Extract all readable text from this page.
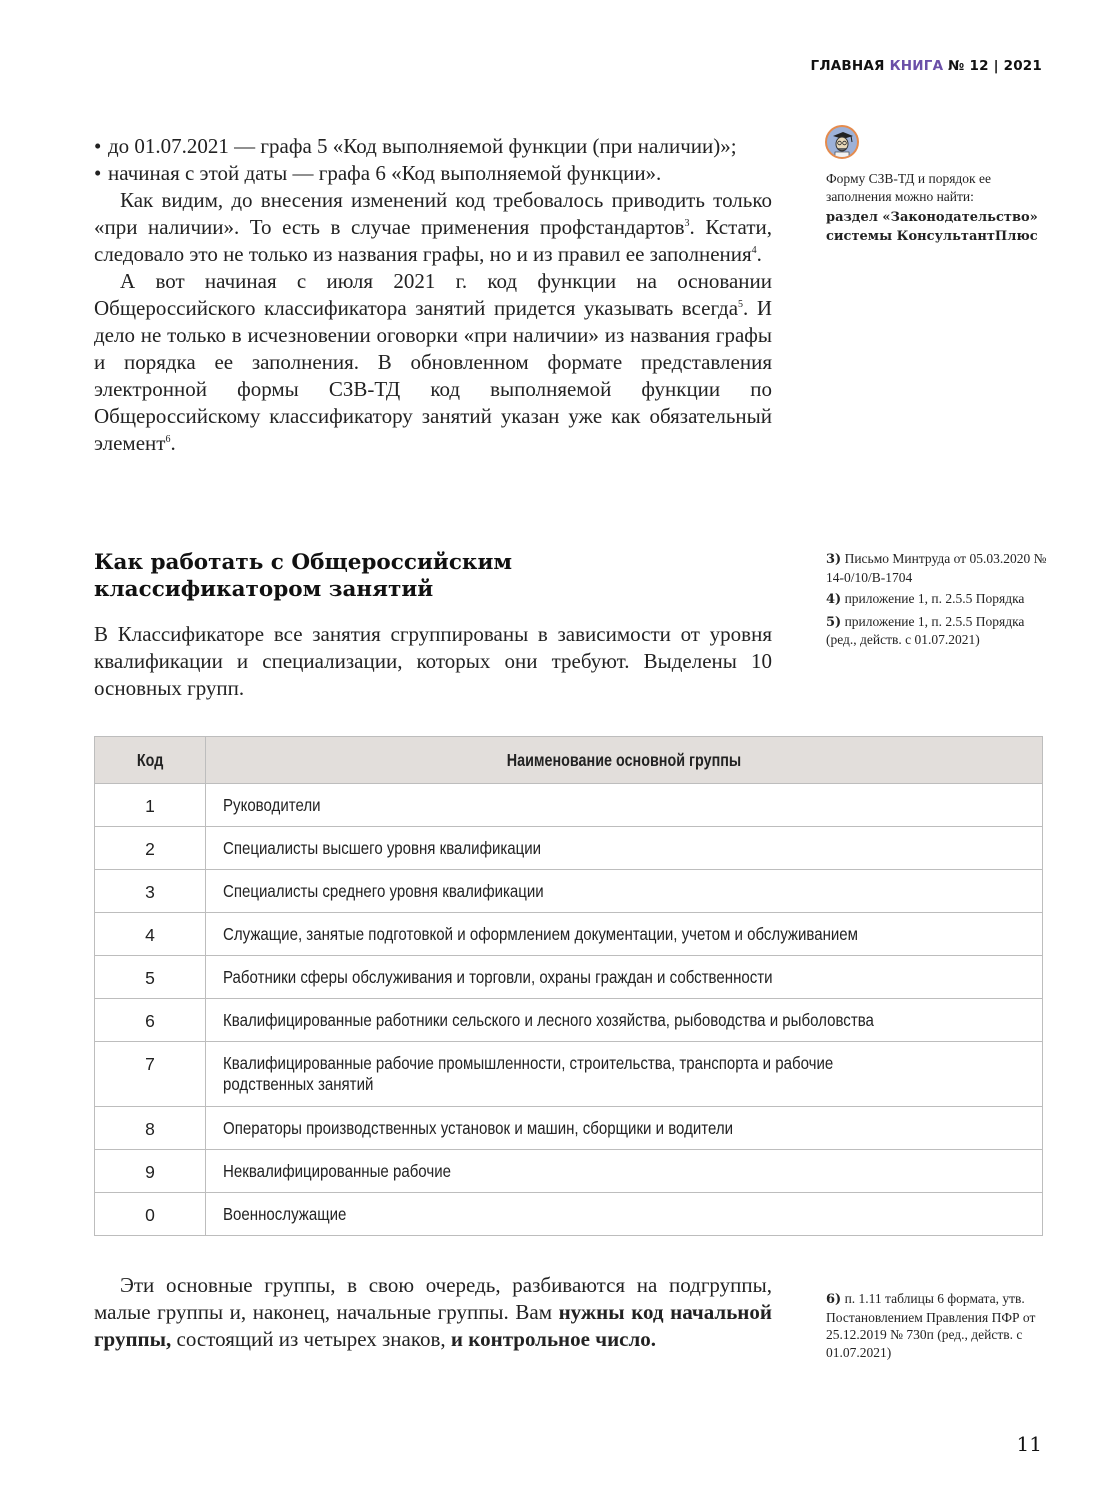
ГЛАВНАЯ КНИГА № 12 | 2021

• до 01.07.2021 — графа 5 «Код выполняемой функции (при наличии)»;

• начиная с этой даты — графа 6 «Код выполняемой функции».

Как видим, до внесения изменений код требовалось приводить только «при наличии». То есть в случае применения профстандартов$^3$. Кстати, следовало это не только из названия графы, но и из правил ее заполнения$^4$.

А вот начиная с июля 2021 г. код функции на основании Общероссийского классификатора занятий придется указывать всегда$^5$. И дело не только в исчезновении оговорки «при наличии» из названия графы и порядка ее заполнения. В обновленном формате представления электронной формы СЗВ-ТД код выполняемой функции по Общероссийскому классификатору занятий указан уже как обязательный элемент$^6$.

Форму СЗВ-ТД и порядок ее заполнения можно найти:
раздел «Законодательство» системы КонсультантПлюс
Как работать с Общероссийским
классификатором занятий

В Классификаторе все занятия сгруппированы в зависимости от уровня квалификации и специализации, которых они требуют. Выделены 10 основных групп.

3) Письмо Минтруда от 05.03.2020 № 14-0/10/В-1704
4) приложение 1, п. 2.5.5 Порядка
5) приложение 1, п. 2.5.5 Порядка (ред., действ. с 01.07.2021)
Код	Наименование основной группы
1	Руководители
2	Специалисты высшего уровня квалификации
3	Специалисты среднего уровня квалификации
4	Служащие, занятые подготовкой и оформлением документации, учетом и обслуживанием
5	Работники сферы обслуживания и торговли, охраны граждан и собственности
6	Квалифицированные работники сельского и лесного хозяйства, рыбоводства и рыболовства
7	Квалифицированные рабочие промышленности, строительства, транспорта и рабочие родственных занятий
8	Операторы производственных установок и машин, сборщики и водители
9	Неквалифицированные рабочие
0	Военнослужащие

Эти основные группы, в свою очередь, разбиваются на подгруппы, малые группы и, наконец, начальные группы. Вам нужны код начальной группы, состоящий из четырех знаков, и контрольное число.

6) п. 1.11 таблицы 6 формата, утв. Постановлением Правления ПФР от 25.12.2019 № 730п (ред., действ. с 01.07.2021)
11
